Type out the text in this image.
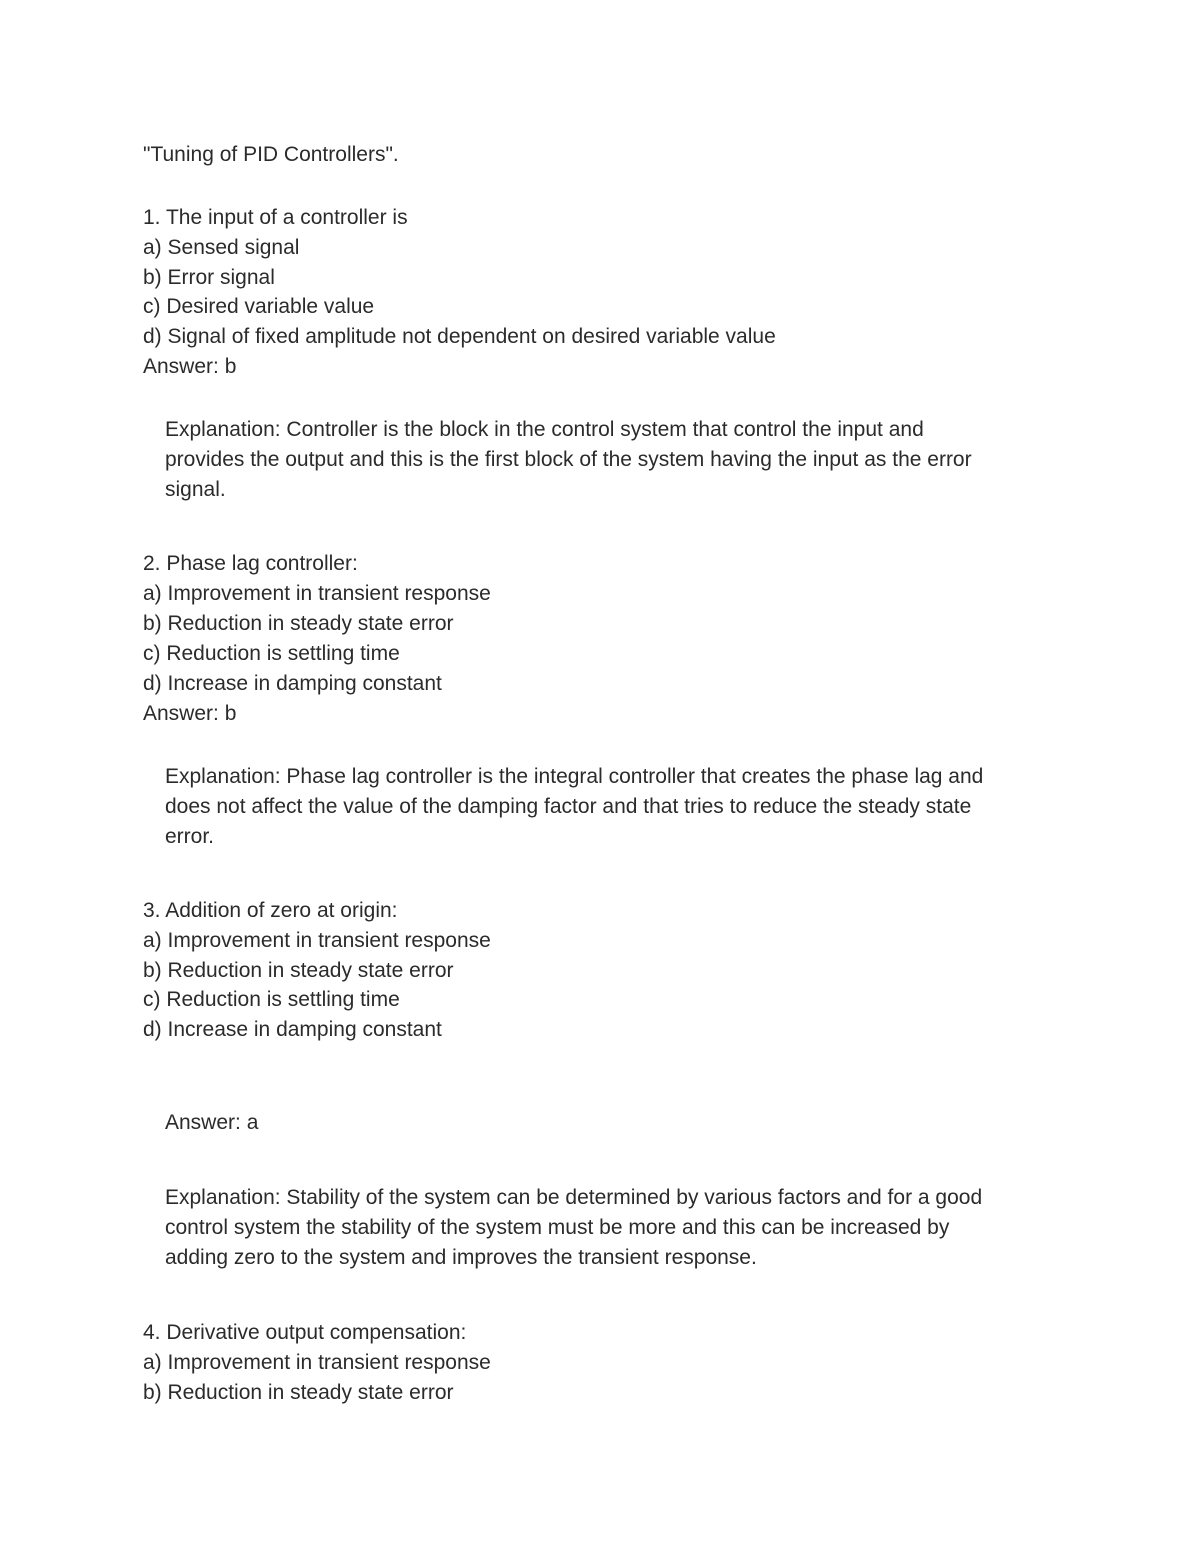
"Tuning of PID Controllers".
1. The input of a controller is
a) Sensed signal
b) Error signal
c) Desired variable value
d) Signal of fixed amplitude not dependent on desired variable value
Answer: b
Explanation: Controller is the block in the control system that control the input and
provides the output and this is the first block of the system having the input as the error
signal.
2. Phase lag controller:
a) Improvement in transient response
b) Reduction in steady state error
c) Reduction is settling time
d) Increase in damping constant
Answer: b
Explanation: Phase lag controller is the integral controller that creates the phase lag and
does not affect the value of the damping factor and that tries to reduce the steady state
error.
3. Addition of zero at origin:
a) Improvement in transient response
b) Reduction in steady state error
c) Reduction is settling time
d) Increase in damping constant
Answer: a
Explanation: Stability of the system can be determined by various factors and for a good
control system the stability of the system must be more and this can be increased by
adding zero to the system and improves the transient response.
4. Derivative output compensation:
a) Improvement in transient response
b) Reduction in steady state error
